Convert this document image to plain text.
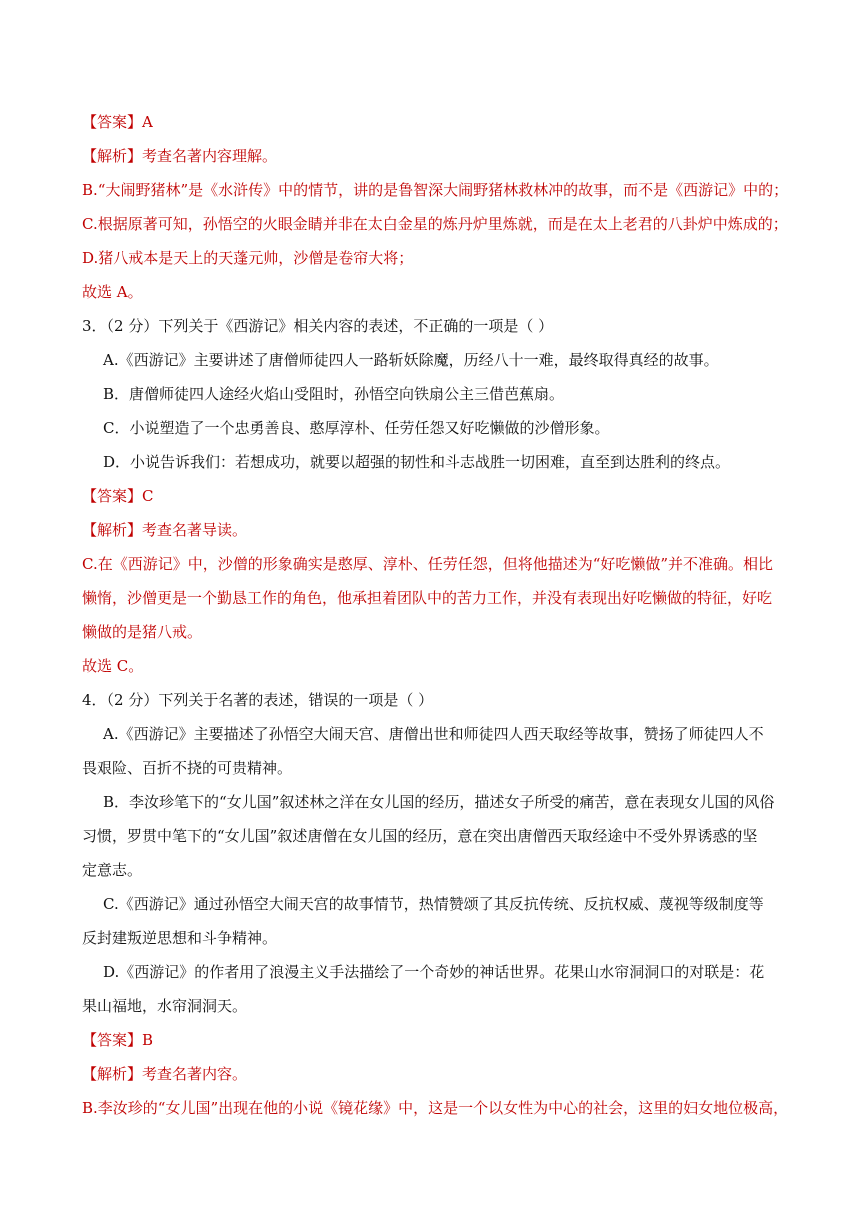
【答案】A
【解析】考查名著内容理解。
B.“大闹野猪林”是《水浒传》中的情节，讲的是鲁智深大闹野猪林救林冲的故事，而不是《西游记》中的；
C.根据原著可知，孙悟空的火眼金睛并非在太白金星的炼丹炉里炼就，而是在太上老君的八卦炉中炼成的；
D.猪八戒本是天上的天蓬元帅，沙僧是卷帘大将；
故选 A。
3．（2 分）下列关于《西游记》相关内容的表述，不正确的一项是（ ）
A.《西游记》主要讲述了唐僧师徒四人一路斩妖除魔，历经八十一难，最终取得真经的故事。
B．唐僧师徒四人途经火焰山受阻时，孙悟空向铁扇公主三借芭蕉扇。
C．小说塑造了一个忠勇善良、憨厚淳朴、任劳任怨又好吃懒做的沙僧形象。
D．小说告诉我们：若想成功，就要以超强的韧性和斗志战胜一切困难，直至到达胜利的终点。
【答案】C
【解析】考查名著导读。
C.在《西游记》中，沙僧的形象确实是憨厚、淳朴、任劳任怨，但将他描述为“好吃懒做”并不准确。相比
懒惰，沙僧更是一个勤恳工作的角色，他承担着团队中的苦力工作，并没有表现出好吃懒做的特征，好吃
懒做的是猪八戒。
故选 C。
4．（2 分）下列关于名著的表述，错误的一项是（ ）
A.《西游记》主要描述了孙悟空大闹天宫、唐僧出世和师徒四人西天取经等故事，赞扬了师徒四人不
畏艰险、百折不挠的可贵精神。
B．李汝珍笔下的“女儿国”叙述林之洋在女儿国的经历，描述女子所受的痛苦，意在表现女儿国的风俗
习惯，罗贯中笔下的“女儿国”叙述唐僧在女儿国的经历，意在突出唐僧西天取经途中不受外界诱惑的坚
定意志。
C.《西游记》通过孙悟空大闹天宫的故事情节，热情赞颂了其反抗传统、反抗权威、蔑视等级制度等
反封建叛逆思想和斗争精神。
D.《西游记》的作者用了浪漫主义手法描绘了一个奇妙的神话世界。花果山水帘洞洞口的对联是：花
果山福地，水帘洞洞天。
【答案】B
【解析】考查名著内容。
B.李汝珍的“女儿国”出现在他的小说《镜花缘》中，这是一个以女性为中心的社会，这里的妇女地位极高，
